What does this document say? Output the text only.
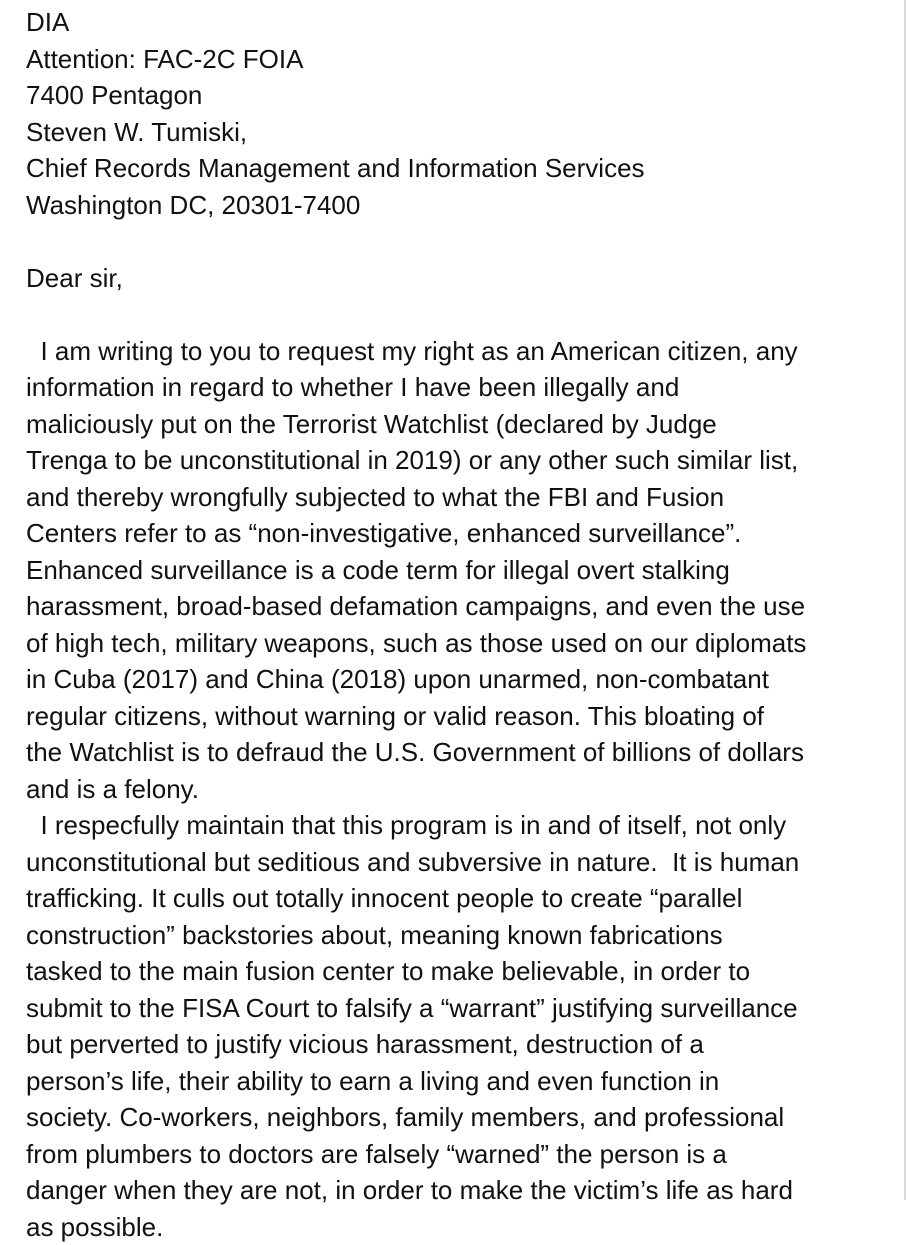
DIA
Attention: FAC-2C FOIA
7400 Pentagon
Steven W. Tumiski,
Chief Records Management and Information Services
Washington DC, 20301-7400
Dear sir,
I am writing to you to request my right as an American citizen, any
information in regard to whether I have been illegally and
maliciously put on the Terrorist Watchlist (declared by Judge
Trenga to be unconstitutional in 2019) or any other such similar list,
and thereby wrongfully subjected to what the FBI and Fusion
Centers refer to as “non-investigative, enhanced surveillance”.
Enhanced surveillance is a code term for illegal overt stalking
harassment, broad-based defamation campaigns, and even the use
of high tech, military weapons, such as those used on our diplomats
in Cuba (2017) and China (2018) upon unarmed, non-combatant
regular citizens, without warning or valid reason. This bloating of
the Watchlist is to defraud the U.S. Government of billions of dollars
and is a felony.
I respecfully maintain that this program is in and of itself, not only
unconstitutional but seditious and subversive in nature.  It is human
trafficking. It culls out totally innocent people to create “parallel
construction” backstories about, meaning known fabrications
tasked to the main fusion center to make believable, in order to
submit to the FISA Court to falsify a “warrant” justifying surveillance
but perverted to justify vicious harassment, destruction of a
person’s life, their ability to earn a living and even function in
society. Co-workers, neighbors, family members, and professional
from plumbers to doctors are falsely “warned” the person is a
danger when they are not, in order to make the victim’s life as hard
as possible.
